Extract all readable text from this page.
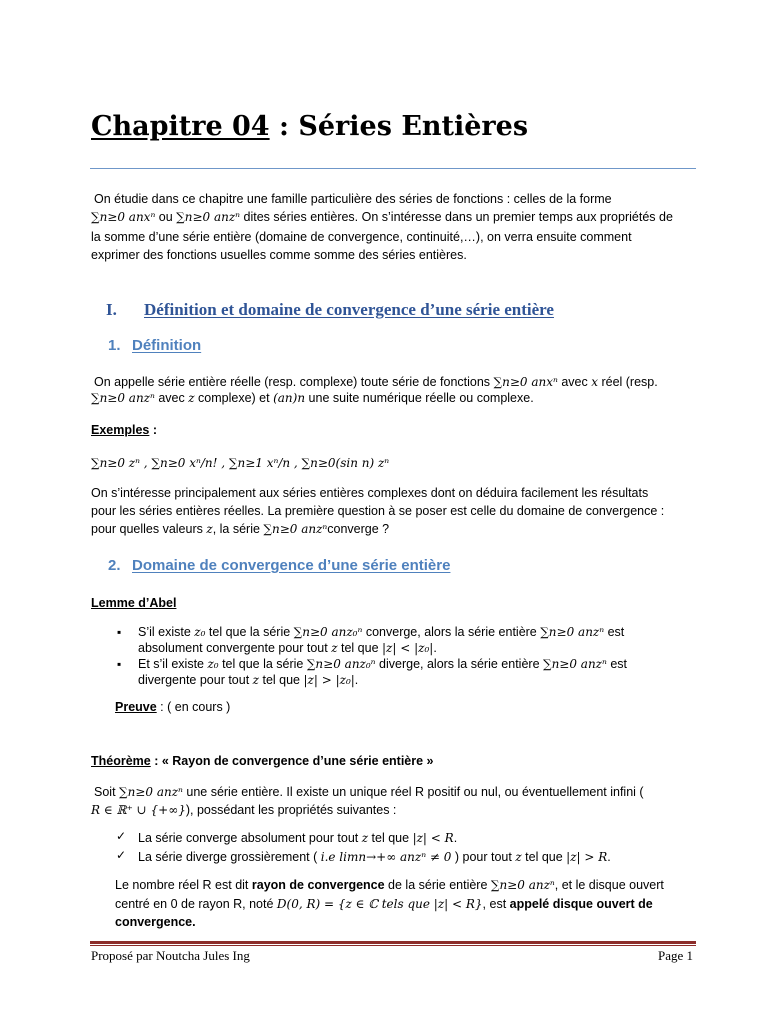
Chapitre 04 : Séries Entières
On étudie dans ce chapitre une famille particulière des séries de fonctions : celles de la forme
∑n≥0 anxⁿ ou ∑n≥0 anzⁿ dites séries entières. On s’intéresse dans un premier temps aux propriétés de
la somme d’une série entière (domaine de convergence, continuité,…), on verra ensuite comment
exprimer des fonctions usuelles comme somme des séries entières.
I. Définition et domaine de convergence d’une série entière
1. Définition
On appelle série entière réelle (resp. complexe) toute série de fonctions ∑n≥0 anxⁿ avec x réel (resp.
∑n≥0 anzⁿ avec z complexe) et (an)n une suite numérique réelle ou complexe.
Exemples :
∑n≥0 zⁿ , ∑n≥0 xⁿ/n! , ∑n≥1 xⁿ/n , ∑n≥0(sin n) zⁿ
On s’intéresse principalement aux séries entières complexes dont on déduira facilement les résultats
pour les séries entières réelles. La première question à se poser est celle du domaine de convergence :
pour quelles valeurs z, la série ∑n≥0 anzⁿconverge ?
2. Domaine de convergence d’une série entière
Lemme d’Abel
▪ S’il existe z₀ tel que la série ∑n≥0 anz₀ⁿ converge, alors la série entière ∑n≥0 anzⁿ est
absolument convergente pour tout z tel que |z| < |z₀|.
▪ Et s’il existe z₀ tel que la série ∑n≥0 anz₀ⁿ diverge, alors la série entière ∑n≥0 anzⁿ est
divergente pour tout z tel que |z| > |z₀|.
Preuve : ( en cours )
Théorème : « Rayon de convergence d’une série entière »
Soit ∑n≥0 anzⁿ une série entière. Il existe un unique réel R positif ou nul, ou éventuellement infini (
R ∈ ℝ⁺ ∪ {+∞}), possédant les propriétés suivantes :
✓ La série converge absolument pour tout z tel que |z| < R.
✓ La série diverge grossièrement ( i.e limn→+∞ anzⁿ ≠ 0 ) pour tout z tel que |z| > R.
Le nombre réel R est dit rayon de convergence de la série entière ∑n≥0 anzⁿ, et le disque ouvert
centré en 0 de rayon R, noté D(0, R) = {z ∈ ℂ tels que |z| < R}, est appelé disque ouvert de
convergence.
Proposé par Noutcha Jules Ing	Page 1
